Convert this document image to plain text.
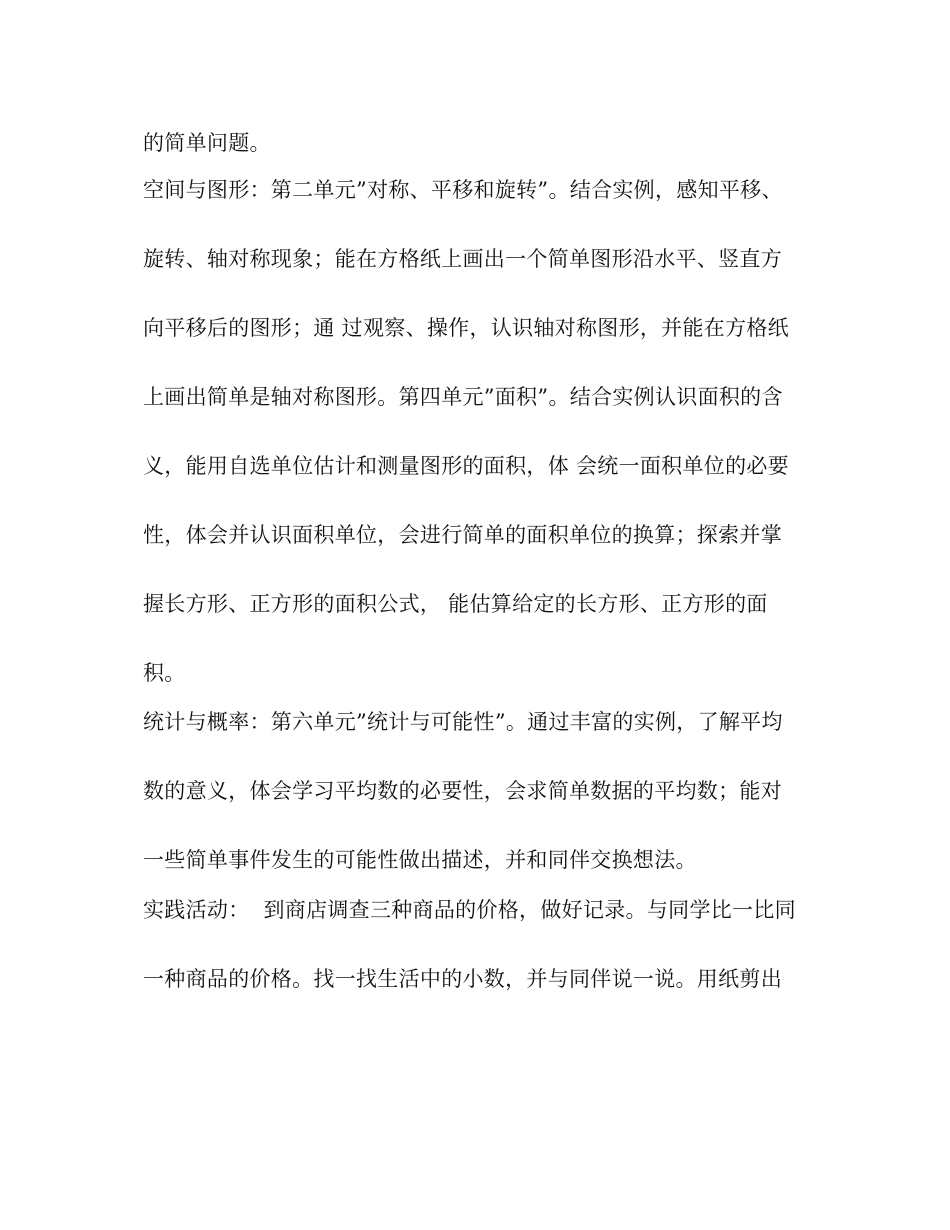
的简单问题。
空间与图形：第二单元”对称、平移和旋转”。结合实例，感知平移、
旋转、轴对称现象；能在方格纸上画出一个简单图形沿水平、竖直方
向平移后的图形；通 过观察、操作，认识轴对称图形，并能在方格纸
上画出简单是轴对称图形。第四单元”面积”。结合实例认识面积的含
义，能用自选单位估计和测量图形的面积，体 会统一面积单位的必要
性，体会并认识面积单位，会进行简单的面积单位的换算；探索并掌
握长方形、正方形的面积公式， 能估算给定的长方形、正方形的面
积。
统计与概率：第六单元”统计与可能性”。通过丰富的实例，了解平均
数的意义，体会学习平均数的必要性，会求简单数据的平均数；能对
一些简单事件发生的可能性做出描述，并和同伴交换想法。
实践活动：  到商店调查三种商品的价格，做好记录。与同学比一比同
一种商品的价格。找一找生活中的小数，并与同伴说一说。用纸剪出
